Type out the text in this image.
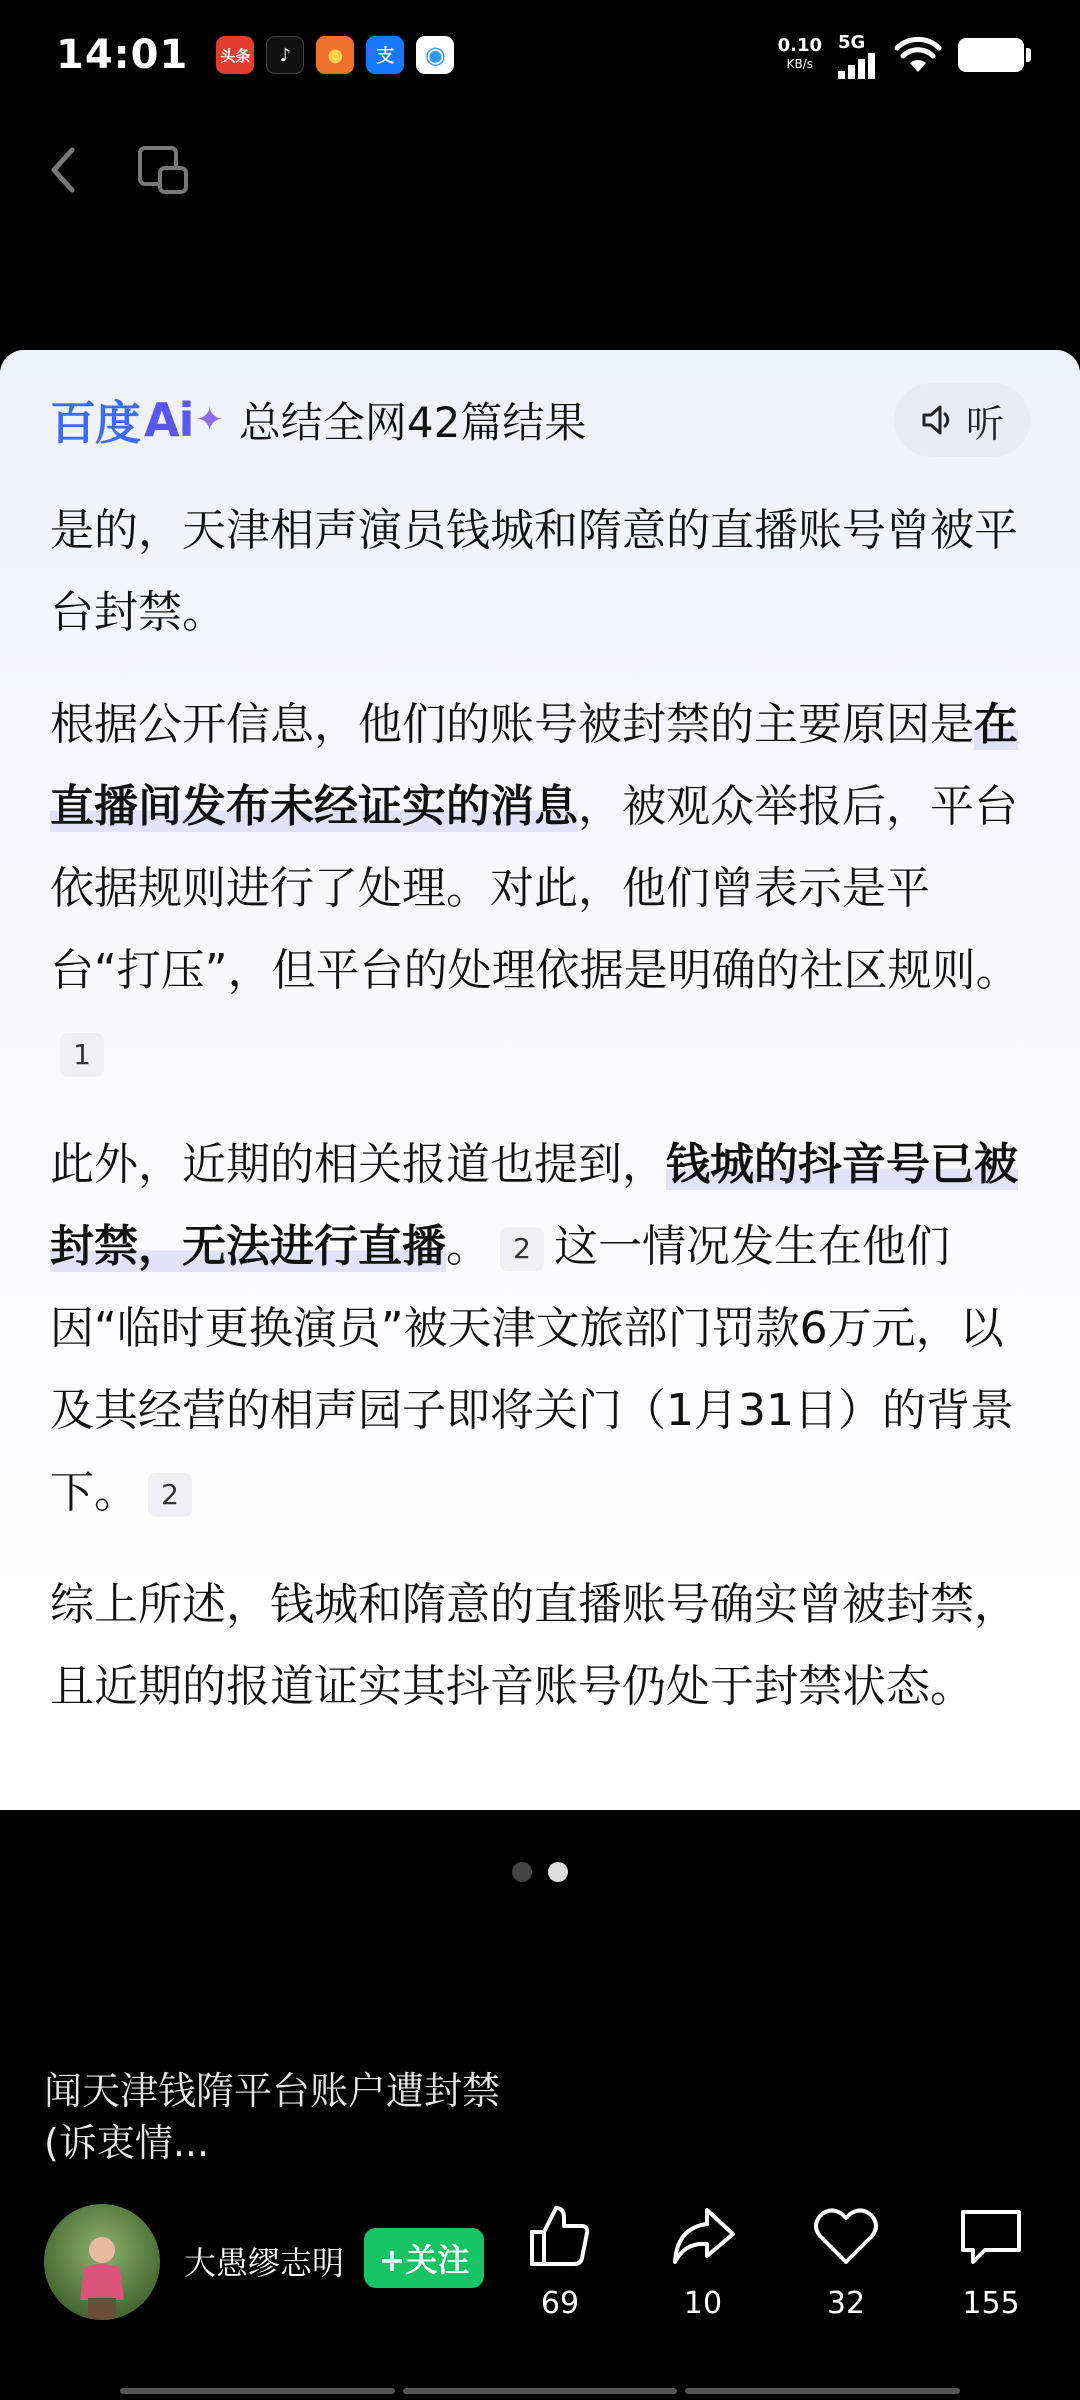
14:01 头条 ♪ ● 支 ◉	0.10
KB/s
5G
百度 Ai ✦ 总结全网42篇结果	听

是的，天津相声演员钱城和隋意的直播账号曾被平台封禁。

根据公开信息，他们的账号被封禁的主要原因是在直播间发布未经证实的消息，被观众举报后，平台依据规则进行了处理。对此，他们曾表示是平台“打压”，但平台的处理依据是明确的社区规则。1

此外，近期的相关报道也提到，钱城的抖音号已被封禁，无法进行直播。 2 这一情况发生在他们因“临时更换演员”被天津文旅部门罚款6万元，以及其经营的相声园子即将关门（1月31日）的背景下。 2

综上所述，钱城和隋意的直播账号确实曾被封禁，且近期的报道证实其抖音账号仍处于封禁状态。

闻天津钱隋平台账户遭封禁
(诉衷情...
大愚缪志明	+关注
69	10	32	155
